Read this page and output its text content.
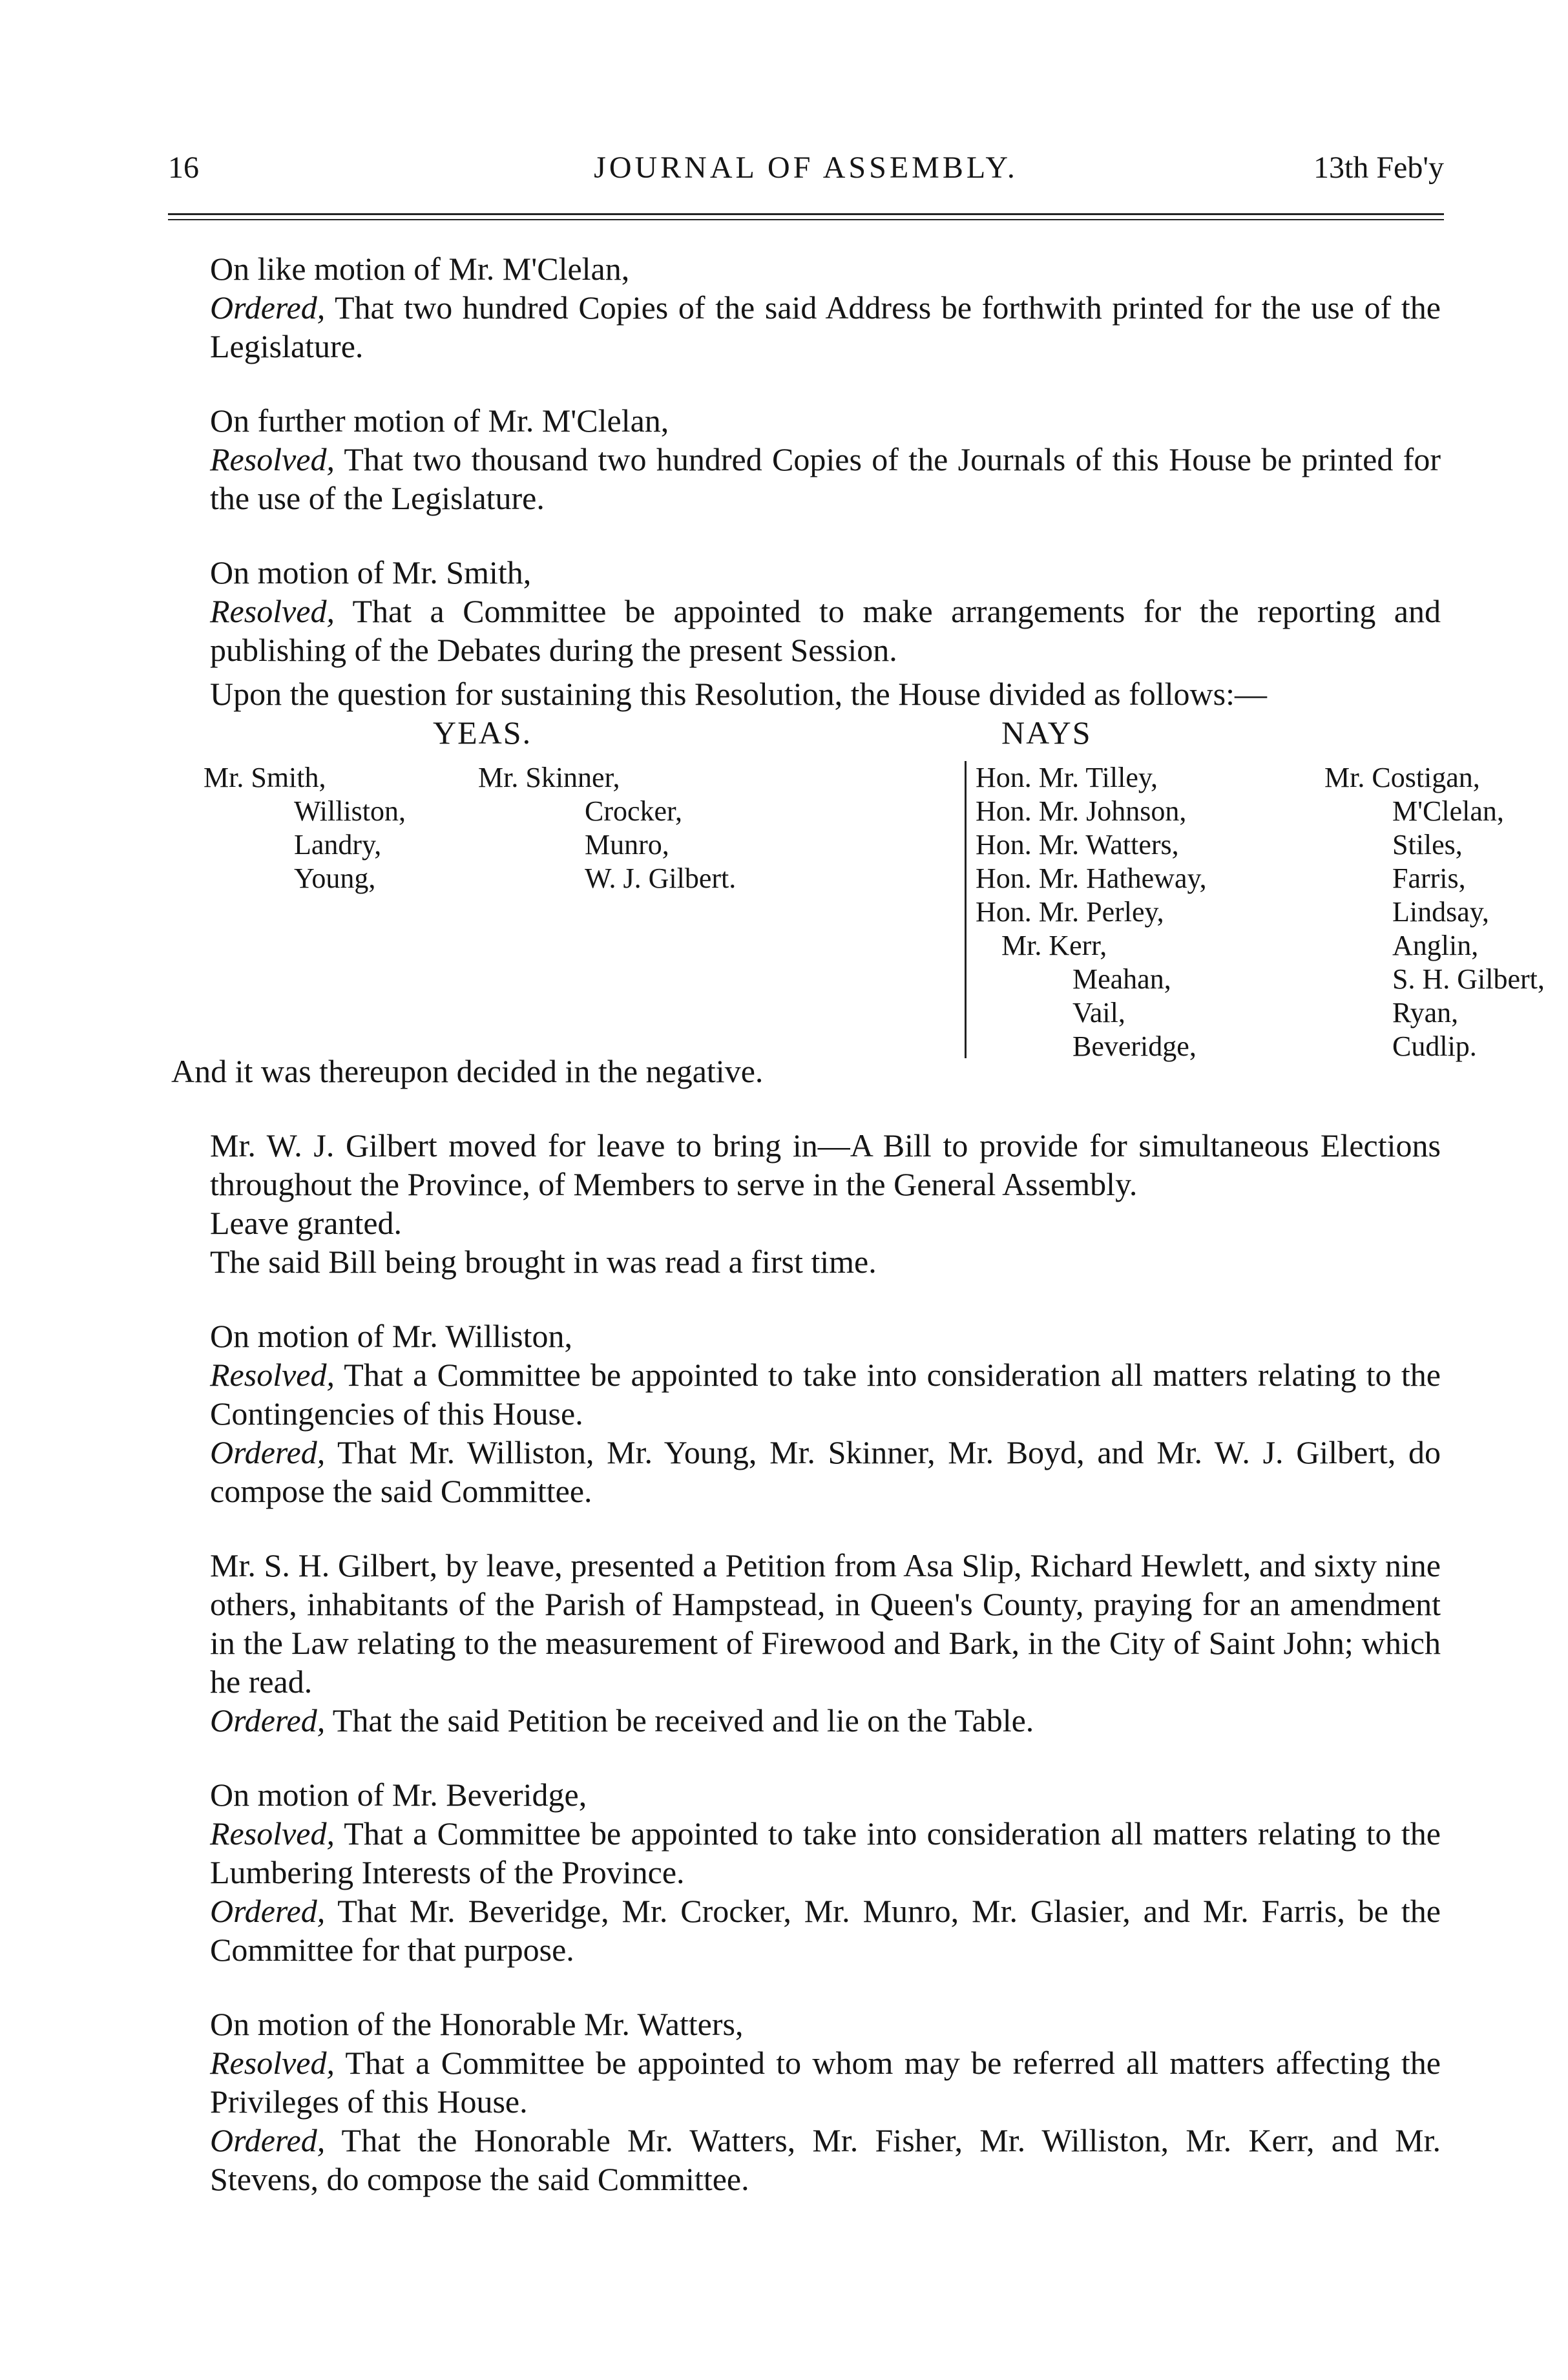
16	JOURNAL OF ASSEMBLY.	13th Feb'y
On like motion of Mr. M'Clelan,
Ordered, That two hundred Copies of the said Address be forthwith printed for the use of the Legislature.
On further motion of Mr. M'Clelan,
Resolved, That two thousand two hundred Copies of the Journals of this House be printed for the use of the Legislature.
On motion of Mr. Smith,
Resolved, That a Committee be appointed to make arrangements for the reporting and publishing of the Debates during the present Session.
Upon the question for sustaining this Resolution, the House divided as follows:—
YEAS.	NAYS
Mr. Smith,
Williston,
Landry,
Young,
Mr. Skinner,
Crocker,
Munro,
W. J. Gilbert.
Hon. Mr. Tilley,
Hon. Mr. Johnson,
Hon. Mr. Watters,
Hon. Mr. Hatheway,
Hon. Mr. Perley,
Mr. Kerr,
Meahan,
Vail,
Beveridge,
Mr. Costigan,
M'Clelan,
Stiles,
Farris,
Lindsay,
Anglin,
S. H. Gilbert,
Ryan,
Cudlip.
And it was thereupon decided in the negative.
Mr. W. J. Gilbert moved for leave to bring in—A Bill to provide for simultaneous Elections throughout the Province, of Members to serve in the General Assembly.
Leave granted.
The said Bill being brought in was read a first time.
On motion of Mr. Williston,
Resolved, That a Committee be appointed to take into consideration all matters relating to the Contingencies of this House.
Ordered, That Mr. Williston, Mr. Young, Mr. Skinner, Mr. Boyd, and Mr. W. J. Gilbert, do compose the said Committee.
Mr. S. H. Gilbert, by leave, presented a Petition from Asa Slip, Richard Hewlett, and sixty nine others, inhabitants of the Parish of Hampstead, in Queen's County, praying for an amendment in the Law relating to the measurement of Firewood and Bark, in the City of Saint John; which he read.
Ordered, That the said Petition be received and lie on the Table.
On motion of Mr. Beveridge,
Resolved, That a Committee be appointed to take into consideration all matters relating to the Lumbering Interests of the Province.
Ordered, That Mr. Beveridge, Mr. Crocker, Mr. Munro, Mr. Glasier, and Mr. Farris, be the Committee for that purpose.
On motion of the Honorable Mr. Watters,
Resolved, That a Committee be appointed to whom may be referred all matters affecting the Privileges of this House.
Ordered, That the Honorable Mr. Watters, Mr. Fisher, Mr. Williston, Mr. Kerr, and Mr. Stevens, do compose the said Committee.
